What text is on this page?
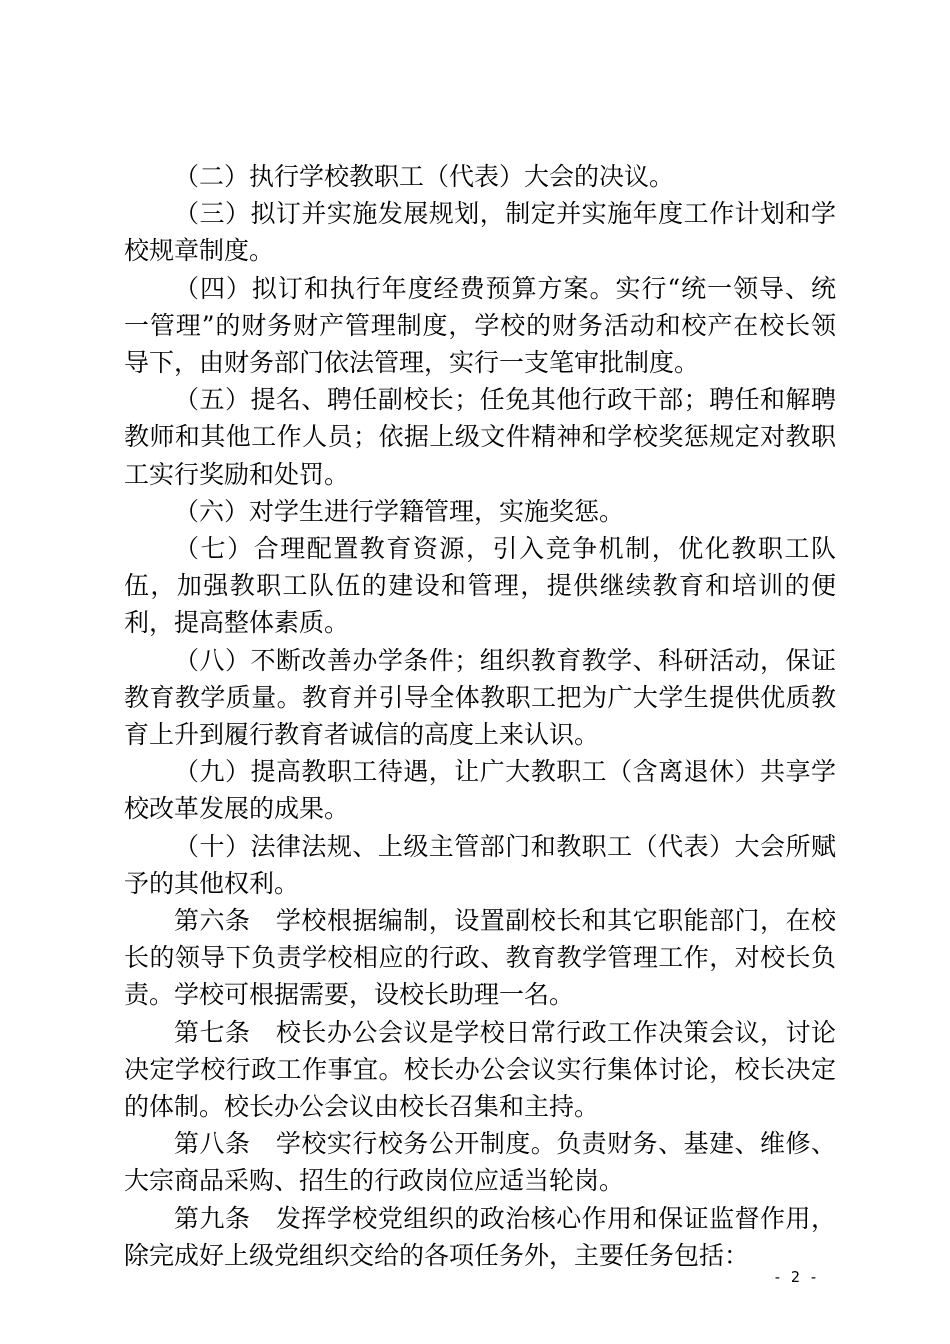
（二）执行学校教职工（代表）大会的决议。

（三）拟订并实施发展规划，制定并实施年度工作计划和学校规章制度。

（四）拟订和执行年度经费预算方案。实行“统一领导、统一管理”的财务财产管理制度，学校的财务活动和校产在校长领导下，由财务部门依法管理，实行一支笔审批制度。

（五）提名、聘任副校长；任免其他行政干部；聘任和解聘教师和其他工作人员；依据上级文件精神和学校奖惩规定对教职工实行奖励和处罚。

（六）对学生进行学籍管理，实施奖惩。

（七）合理配置教育资源，引入竞争机制，优化教职工队伍，加强教职工队伍的建设和管理，提供继续教育和培训的便利，提高整体素质。

（八）不断改善办学条件；组织教育教学、科研活动，保证教育教学质量。教育并引导全体教职工把为广大学生提供优质教育上升到履行教育者诚信的高度上来认识。

（九）提高教职工待遇，让广大教职工（含离退休）共享学校改革发展的成果。

（十）法律法规、上级主管部门和教职工（代表）大会所赋予的其他权利。

第六条　学校根据编制，设置副校长和其它职能部门，在校长的领导下负责学校相应的行政、教育教学管理工作，对校长负责。学校可根据需要，设校长助理一名。

第七条　校长办公会议是学校日常行政工作决策会议，讨论决定学校行政工作事宜。校长办公会议实行集体讨论，校长决定的体制。校长办公会议由校长召集和主持。

第八条　学校实行校务公开制度。负责财务、基建、维修、大宗商品采购、招生的行政岗位应适当轮岗。

第九条　发挥学校党组织的政治核心作用和保证监督作用，除完成好上级党组织交给的各项任务外，主要任务包括：

- 2 -
